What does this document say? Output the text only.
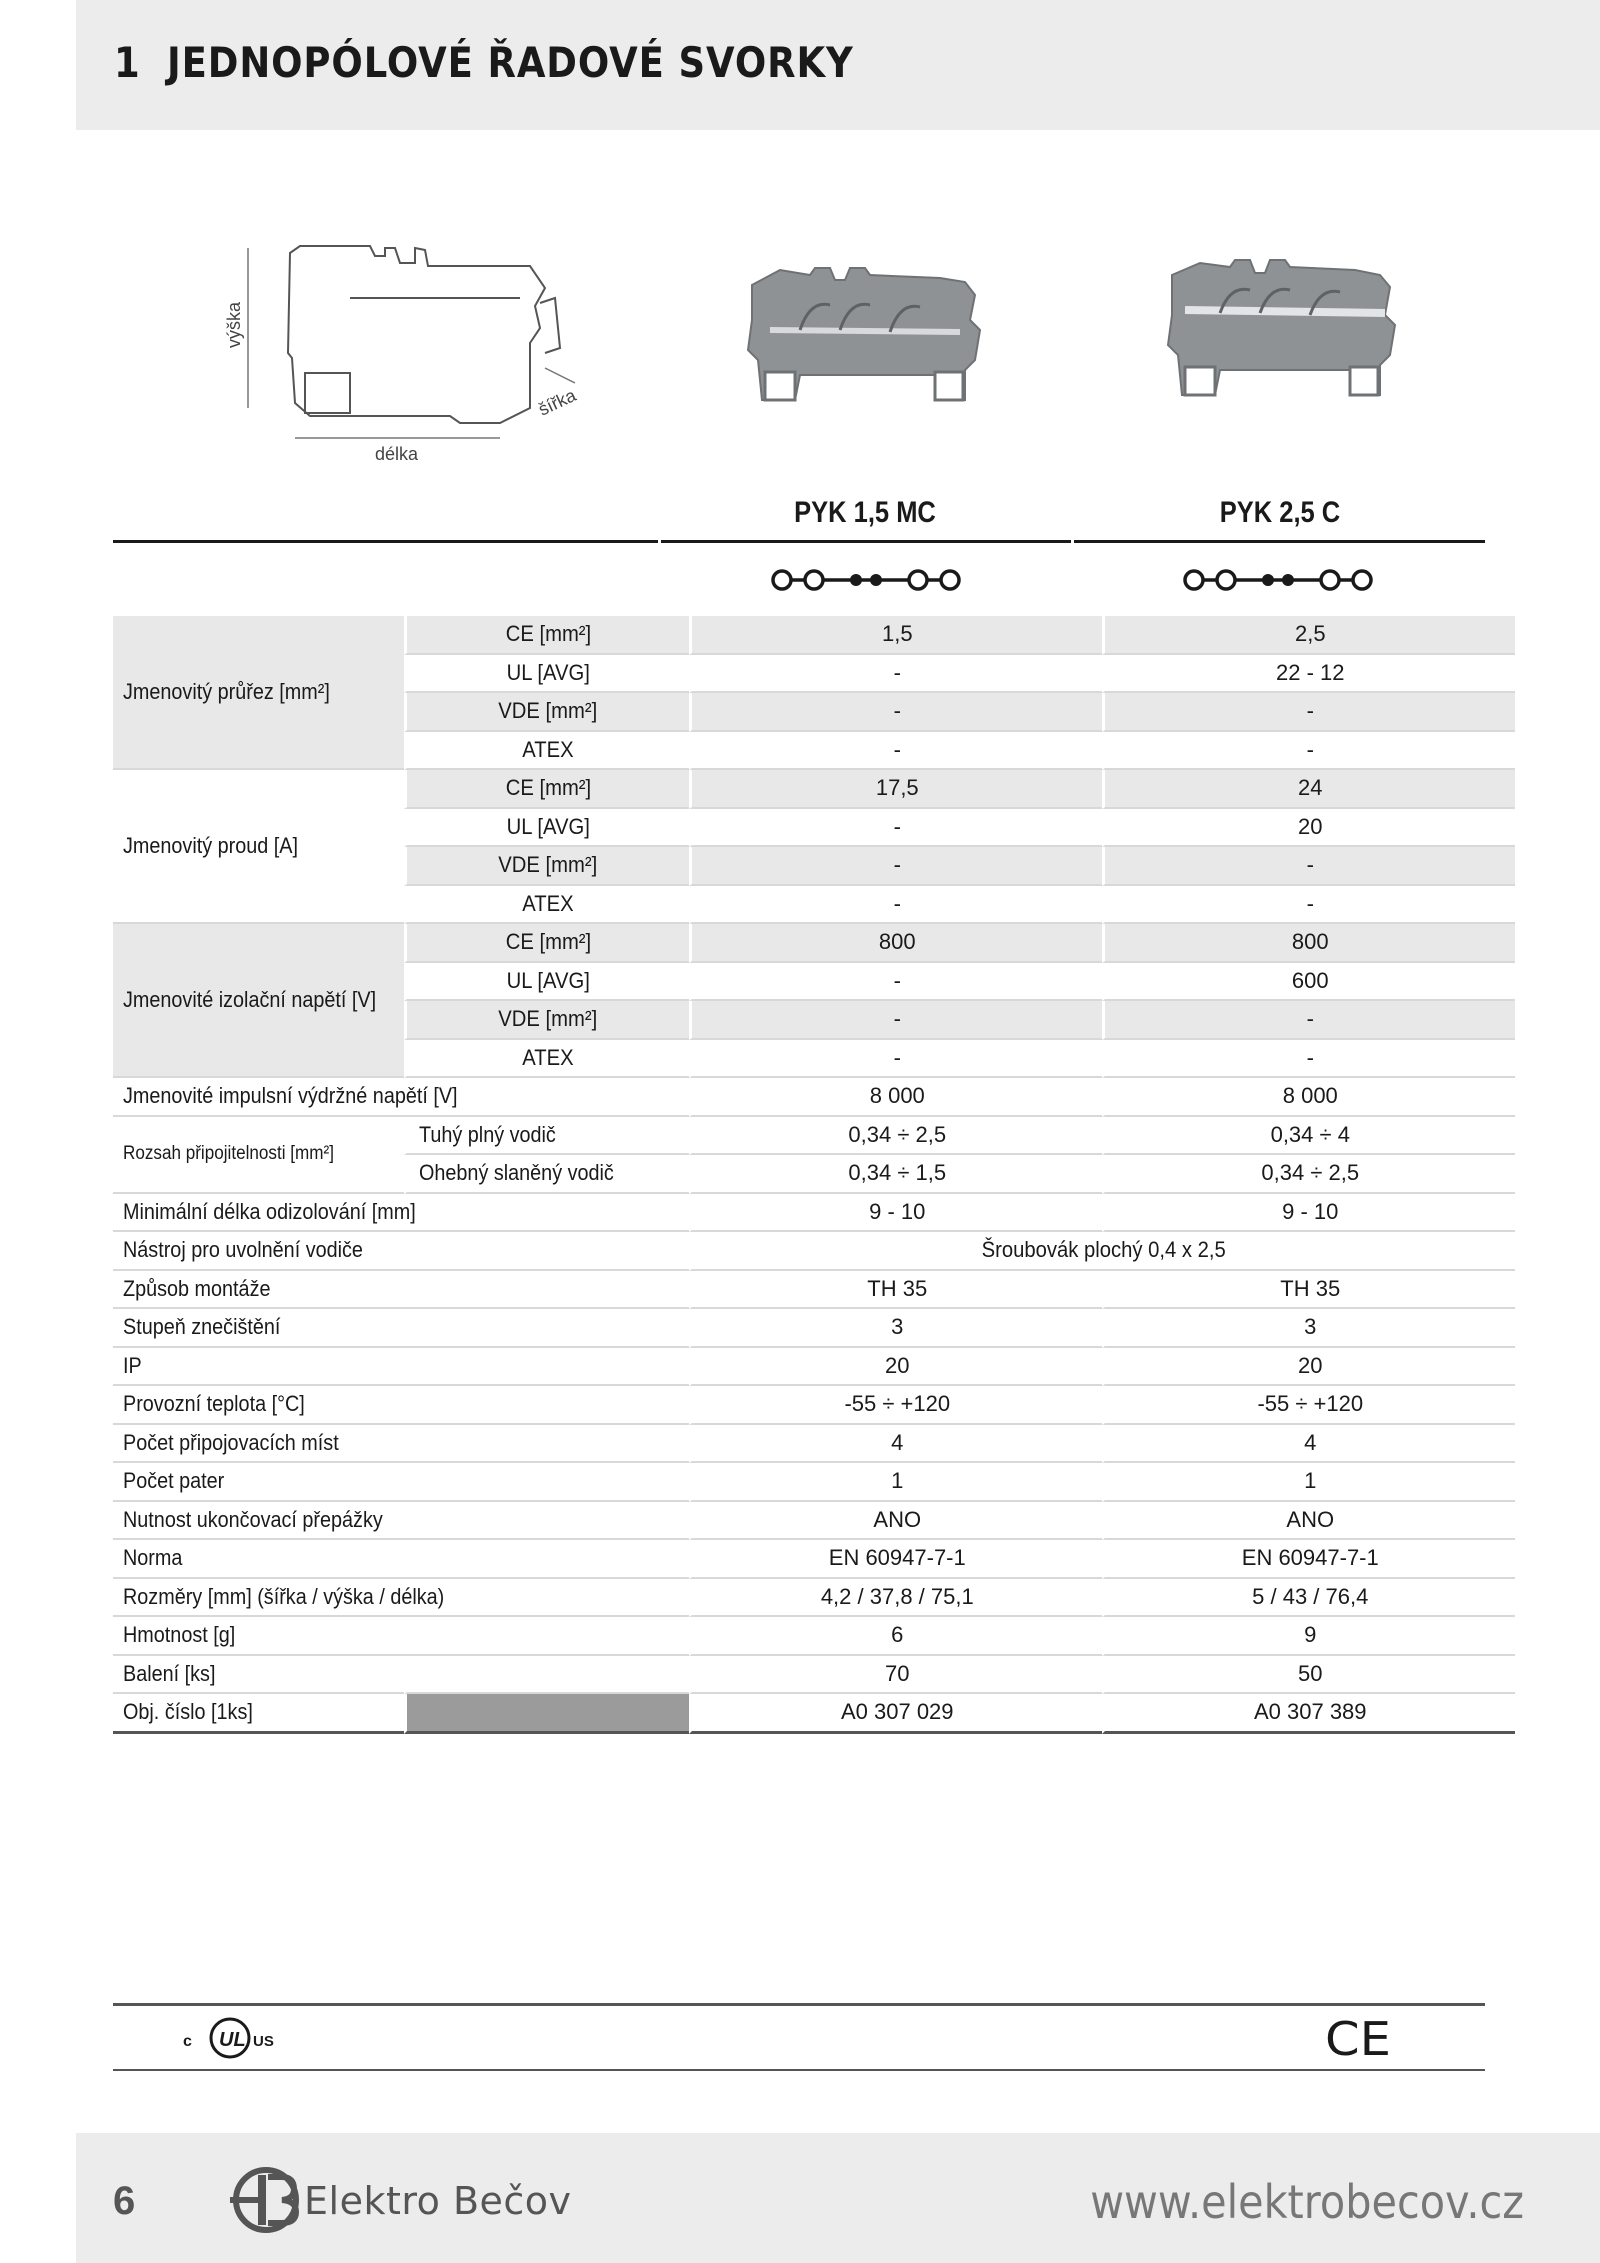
1 JEDNOPÓLOVÉ ŘADOVÉ SVORKY
výška
délka
šířka
PYK 1,5 MC	PYK 2,5 C
Jmenovitý průřez [mm²]	CE [mm²]	1,5	2,5
	UL [AVG]	-	22 - 12
	VDE [mm²]	-	-
	ATEX	-	-
Jmenovitý proud [A]	CE [mm²]	17,5	24
	UL [AVG]	-	20
	VDE [mm²]	-	-
	ATEX	-	-
Jmenovité izolační napětí [V]	CE [mm²]	800	800
	UL [AVG]	-	600
	VDE [mm²]	-	-
	ATEX	-	-
Jmenovité impulsní výdržné napětí [V]		8 000	8 000
Rozsah připojitelnosti [mm²]	Tuhý plný vodič	0,34 ÷ 2,5	0,34 ÷ 4
	Ohebný slaněný vodič	0,34 ÷ 1,5	0,34 ÷ 2,5
Minimální délka odizolování [mm]		9 - 10	9 - 10
Nástroj pro uvolnění vodiče		Šroubovák plochý 0,4 x 2,5	
Způsob montáže		TH 35	TH 35
Stupeň znečištění		3	3
IP		20	20
Provozní teplota [°C]		-55 ÷ +120	-55 ÷ +120
Počet připojovacích míst		4	4
Počet pater		1	1
Nutnost ukončovací přepážky		ANO	ANO
Norma		EN 60947-7-1	EN 60947-7-1
Rozměry [mm] (šířka / výška / délka)		4,2 / 37,8 / 75,1	5 / 43 / 76,4
Hmotnost [g]		6	9
Balení [ks]		70	50
Obj. číslo [1ks]		A0 307 029	A0 307 389
c UL US	CE
6	Elektro Bečov	www.elektrobecov.cz
